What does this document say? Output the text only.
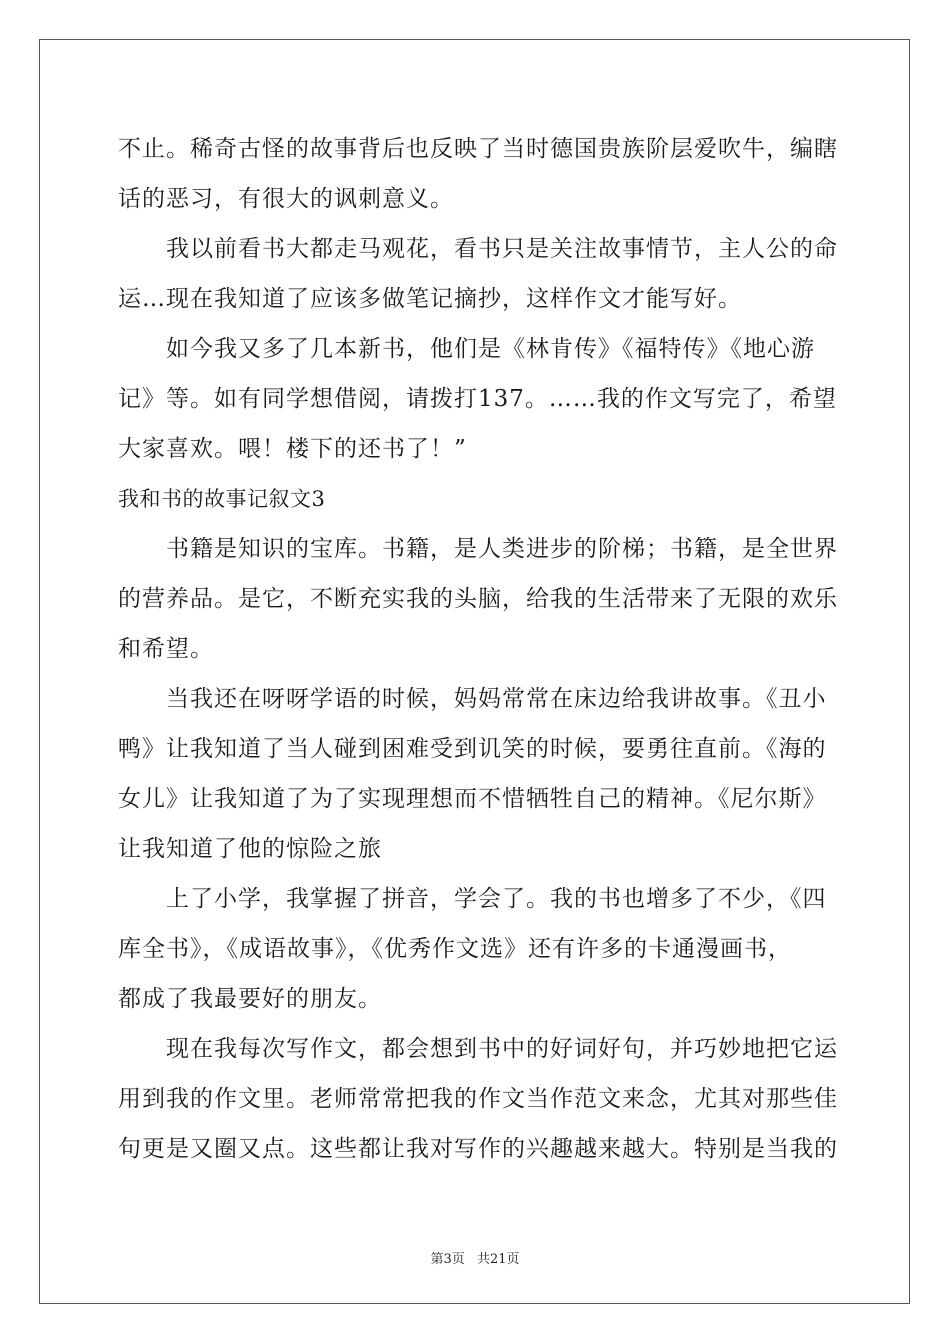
不止。稀奇古怪的故事背后也反映了当时德国贵族阶层爱吹牛，编瞎
话的恶习，有很大的讽刺意义。
我以前看书大都走马观花，看书只是关注故事情节，主人公的命
运…现在我知道了应该多做笔记摘抄，这样作文才能写好。
如今我又多了几本新书，他们是《林肯传》《福特传》《地心游
记》等。如有同学想借阅，请拨打137。……我的作文写完了，希望
大家喜欢。喂！楼下的还书了！”
我和书的故事记叙文3
书籍是知识的宝库。书籍，是人类进步的阶梯；书籍，是全世界
的营养品。是它，不断充实我的头脑，给我的生活带来了无限的欢乐
和希望。
当我还在呀呀学语的时候，妈妈常常在床边给我讲故事。《丑小
鸭》让我知道了当人碰到困难受到讥笑的时候，要勇往直前。《海的
女儿》让我知道了为了实现理想而不惜牺牲自己的精神。《尼尔斯》
让我知道了他的惊险之旅
上了小学，我掌握了拼音，学会了。我的书也增多了不少，《四
库全书》，《成语故事》，《优秀作文选》还有许多的卡通漫画书，
都成了我最要好的朋友。
现在我每次写作文，都会想到书中的好词好句，并巧妙地把它运
用到我的作文里。老师常常把我的作文当作范文来念，尤其对那些佳
句更是又圈又点。这些都让我对写作的兴趣越来越大。特别是当我的
第3页 共21页
